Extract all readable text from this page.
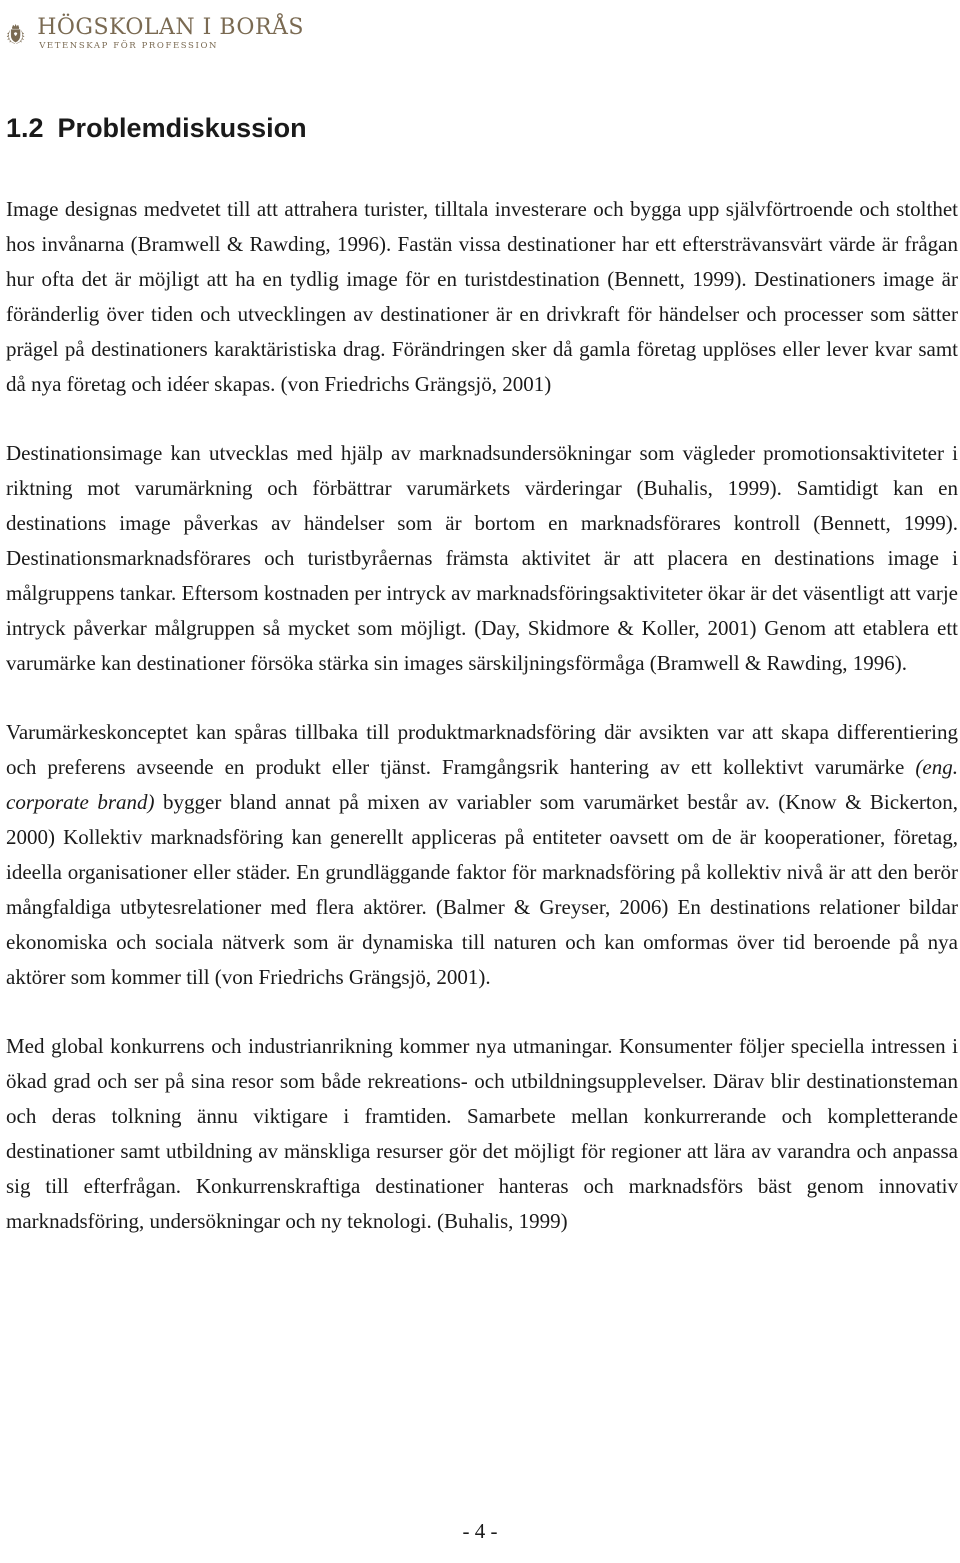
HÖGSKOLAN I BORÅS
VETENSKAP FÖR PROFESSION
1.2 Problemdiskussion

Image designas medvetet till att attrahera turister, tilltala investerare och bygga upp självförtroende och stolthet hos invånarna (Bramwell & Rawding, 1996). Fastän vissa destinationer har ett eftersträvansvärt värde är frågan hur ofta det är möjligt att ha en tydlig image för en turistdestination (Bennett, 1999). Destinationers image är föränderlig över tiden och utvecklingen av destinationer är en drivkraft för händelser och processer som sätter prägel på destinationers karaktäristiska drag. Förändringen sker då gamla företag upplöses eller lever kvar samt då nya företag och idéer skapas. (von Friedrichs Grängsjö, 2001)

Destinationsimage kan utvecklas med hjälp av marknadsundersökningar som vägleder promotionsaktiviteter i riktning mot varumärkning och förbättrar varumärkets värderingar (Buhalis, 1999). Samtidigt kan en destinations image påverkas av händelser som är bortom en marknadsförares kontroll (Bennett, 1999). Destinationsmarknadsförares och turistbyråernas främsta aktivitet är att placera en destinations image i målgruppens tankar. Eftersom kostnaden per intryck av marknadsföringsaktiviteter ökar är det väsentligt att varje intryck påverkar målgruppen så mycket som möjligt. (Day, Skidmore & Koller, 2001) Genom att etablera ett varumärke kan destinationer försöka stärka sin images särskiljningsförmåga (Bramwell & Rawding, 1996).

Varumärkeskonceptet kan spåras tillbaka till produktmarknadsföring där avsikten var att skapa differentiering och preferens avseende en produkt eller tjänst. Framgångsrik hantering av ett kollektivt varumärke (eng. corporate brand) bygger bland annat på mixen av variabler som varumärket består av. (Know & Bickerton, 2000) Kollektiv marknadsföring kan generellt appliceras på entiteter oavsett om de är kooperationer, företag, ideella organisationer eller städer. En grundläggande faktor för marknadsföring på kollektiv nivå är att den berör mångfaldiga utbytesrelationer med flera aktörer. (Balmer & Greyser, 2006) En destinations relationer bildar ekonomiska och sociala nätverk som är dynamiska till naturen och kan omformas över tid beroende på nya aktörer som kommer till (von Friedrichs Grängsjö, 2001).

Med global konkurrens och industrianrikning kommer nya utmaningar. Konsumenter följer speciella intressen i ökad grad och ser på sina resor som både rekreations- och utbildningsupplevelser. Därav blir destinationsteman och deras tolkning ännu viktigare i framtiden. Samarbete mellan konkurrerande och kompletterande destinationer samt utbildning av mänskliga resurser gör det möjligt för regioner att lära av varandra och anpassa sig till efterfrågan. Konkurrenskraftiga destinationer hanteras och marknadsförs bäst genom innovativ marknadsföring, undersökningar och ny teknologi. (Buhalis, 1999)

- 4 -
